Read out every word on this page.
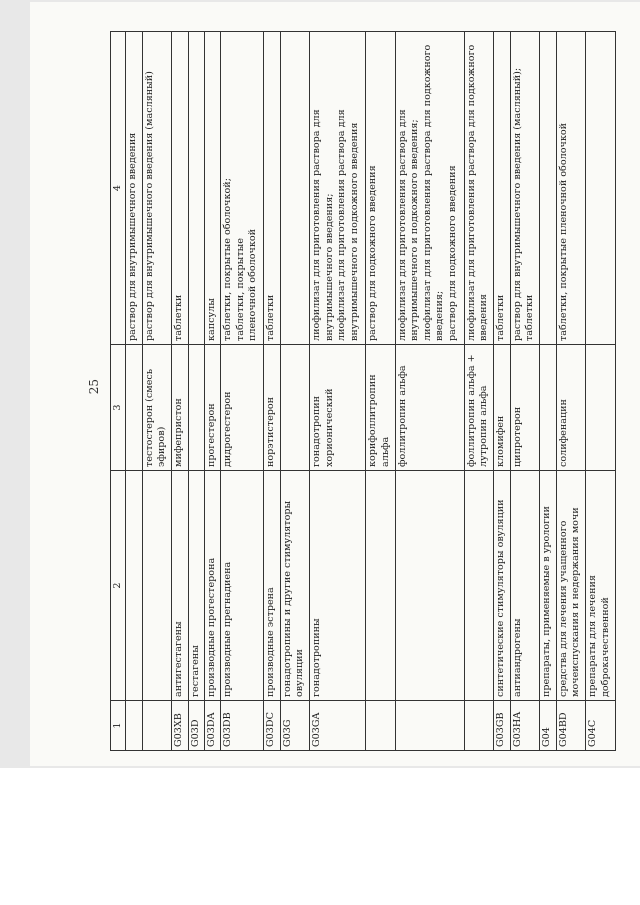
25
1	2	3	4

			раствор для внутримышечного введения

		тестостерон (смесь эфиров)	раствор для внутримышечного введения (масляный)

G03XB	антигестагены	мифепристон	таблетки

G03D	гестагены		

G03DA	производные прогестерона	прогестерон	капсулы

G03DB	производные прегнадиена	дидрогестерон	таблетки, покрытые оболочкой; таблетки, покрытые пленочной оболочкой

G03DC	производные эстрена	норэтистерон	таблетки

G03G	гонадотропины и другие стимуляторы овуляции		

G03GA	гонадотропины	гонадотропин хорионический	лиофилизат для приготовления раствора для внутримышечного введения; лиофилизат для приготовления раствора для внутримышечного и подкожного введения

		корифоллитропин альфа	раствор для подкожного введения

		фоллитропин альфа	лиофилизат для приготовления раствора для внутримышечного и подкожного введения; лиофилизат для приготовления раствора для подкожного введения; раствор для подкожного введения

		фоллитропин альфа + лутропин альфа	лиофилизат для приготовления раствора для подкожного введения

G03GB	синтетические стимуляторы овуляции	кломифен	таблетки

G03HA	антиандрогены	ципротерон	раствор для внутримышечного введения (масляный); таблетки

G04	препараты, применяемые в урологии		

G04BD	средства для лечения учащенного мочеиспускания и недержания мочи	солифенацин	таблетки, покрытые пленочной оболочкой

G04C	препараты для лечения доброкачественной		
